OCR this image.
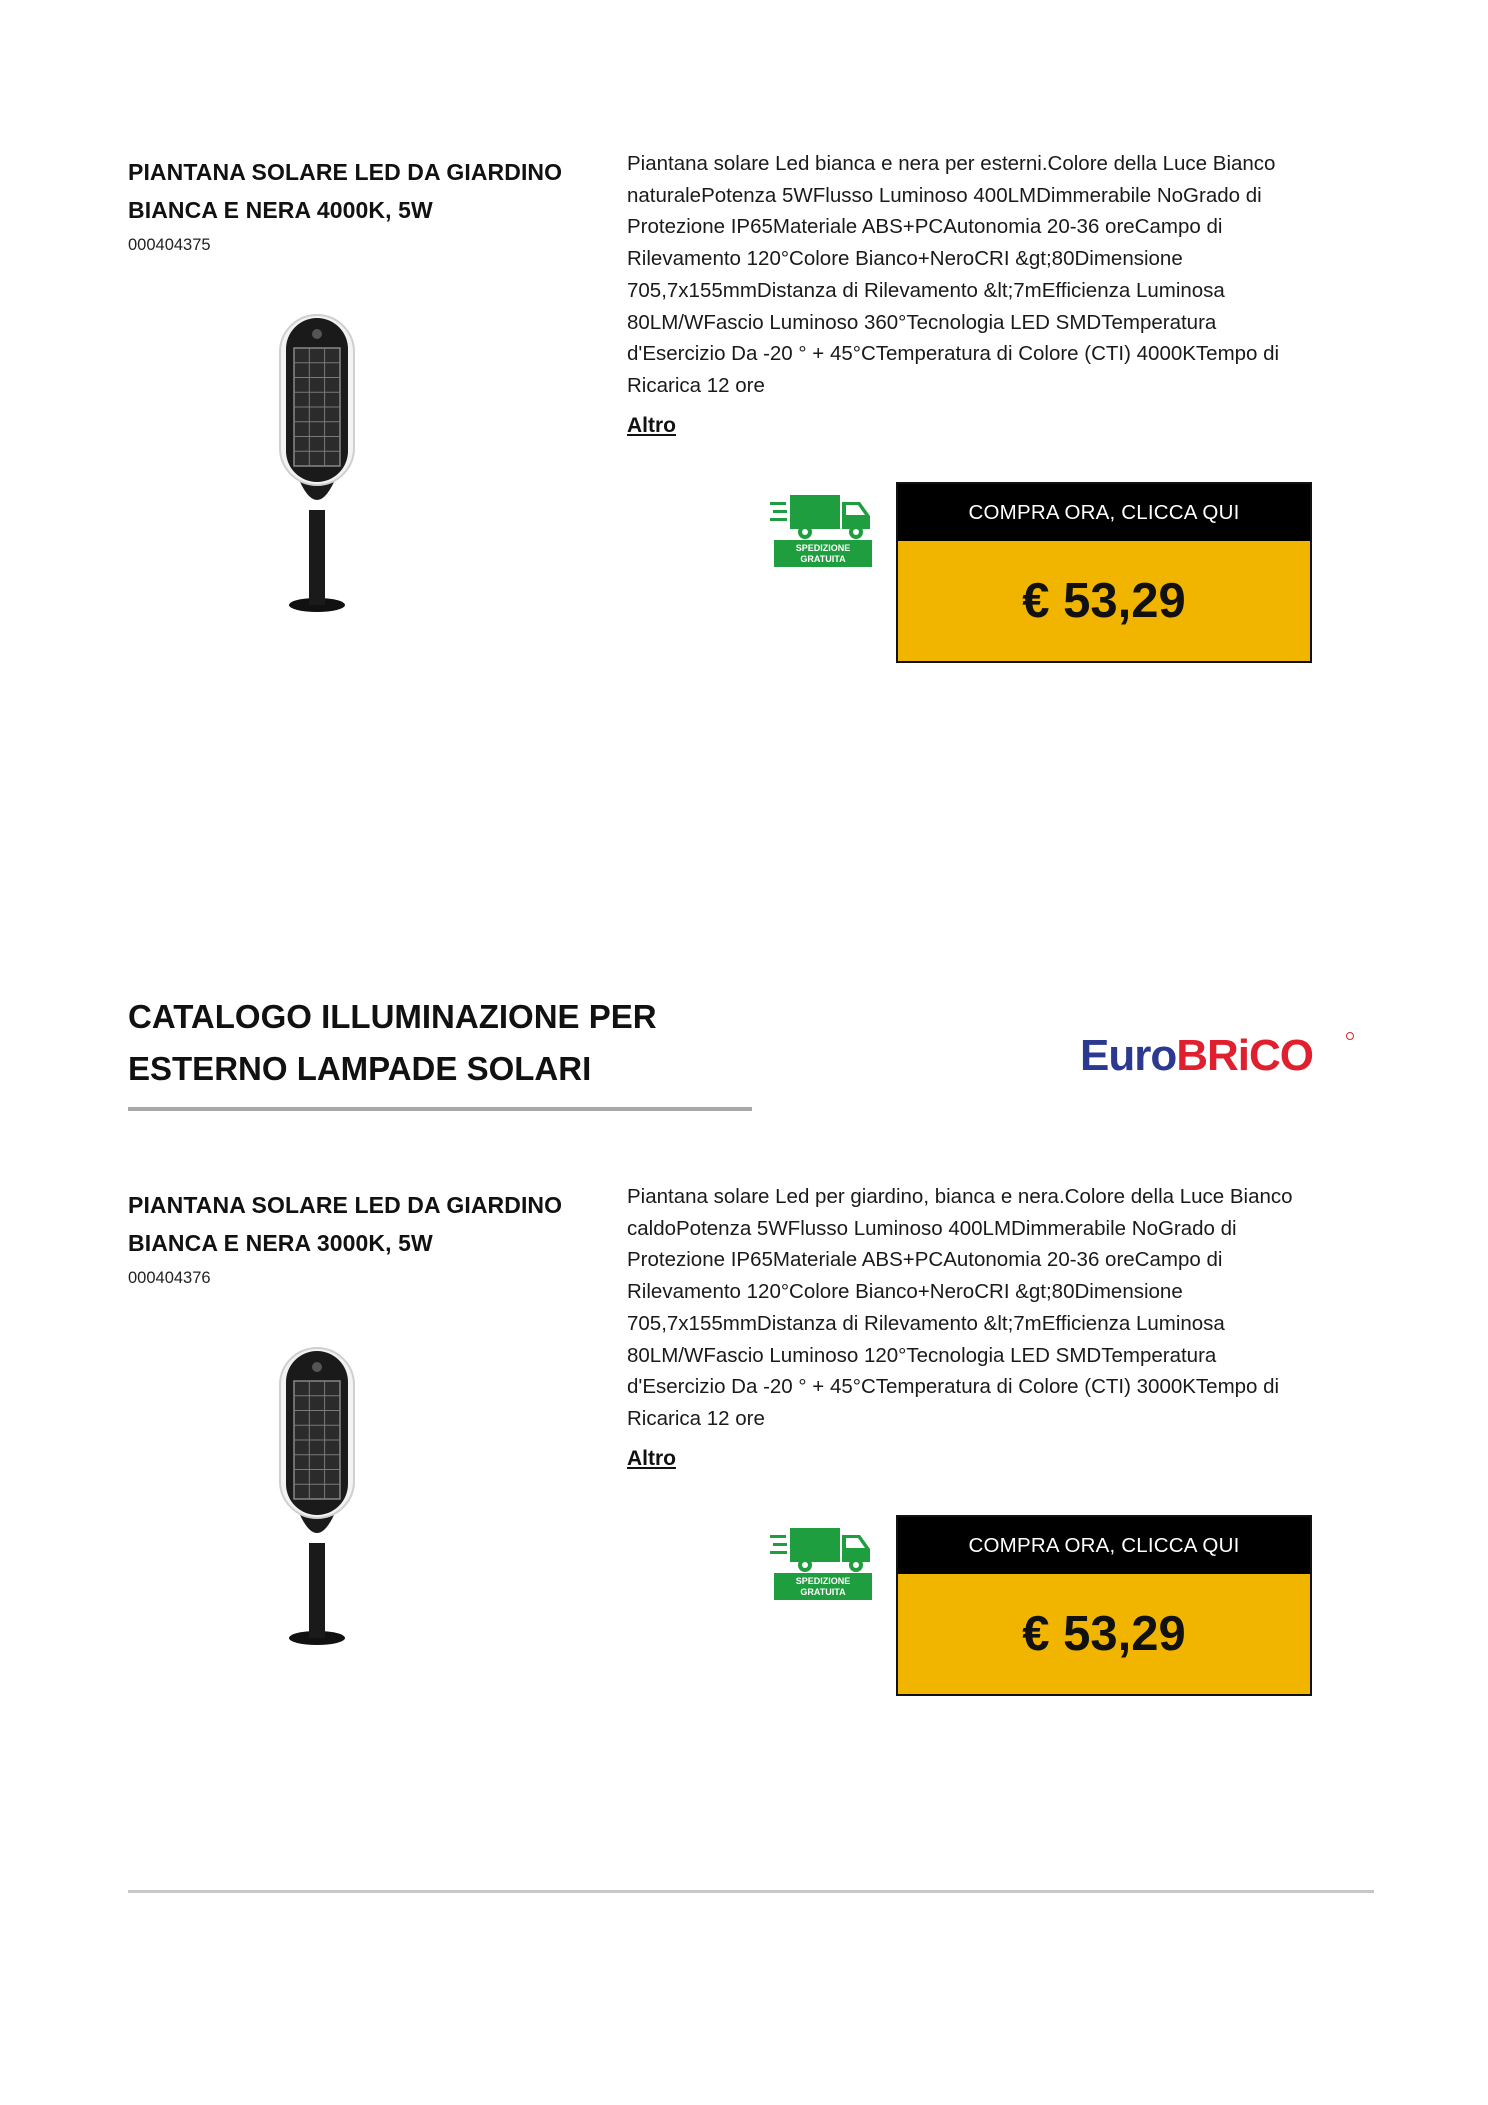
PIANTANA SOLARE LED DA GIARDINO BIANCA E NERA 4000K, 5W
000404375

Piantana solare Led bianca e nera per esterni.Colore della Luce Bianco naturalePotenza 5WFlusso Luminoso 400LMDimmerabile NoGrado di Protezione IP65Materiale ABS+PCAutonomia 20-36 oreCampo di Rilevamento 120°Colore Bianco+NeroCRI &gt;80Dimensione 705,7x155mmDistanza di Rilevamento &lt;7mEfficienza Luminosa 80LM/WFascio Luminoso 360°Tecnologia LED SMDTemperatura d'Esercizio Da -20 ° + 45°CTemperatura di Colore (CTI) 4000KTempo di Ricarica 12 ore

Altro
SPEDIZIONE
GRATUITA
COMPRA ORA, CLICCA QUI
€ 53,29
CATALOGO ILLUMINAZIONE PER ESTERNO LAMPADE SOLARI	EuroBRiCO
PIANTANA SOLARE LED DA GIARDINO BIANCA E NERA 3000K, 5W
000404376

Piantana solare Led per giardino, bianca e nera.Colore della Luce Bianco caldoPotenza 5WFlusso Luminoso 400LMDimmerabile NoGrado di Protezione IP65Materiale ABS+PCAutonomia 20-36 oreCampo di Rilevamento 120°Colore Bianco+NeroCRI &gt;80Dimensione 705,7x155mmDistanza di Rilevamento &lt;7mEfficienza Luminosa 80LM/WFascio Luminoso 120°Tecnologia LED SMDTemperatura d'Esercizio Da -20 ° + 45°CTemperatura di Colore (CTI) 3000KTempo di Ricarica 12 ore

Altro
SPEDIZIONE
GRATUITA
COMPRA ORA, CLICCA QUI
€ 53,29
